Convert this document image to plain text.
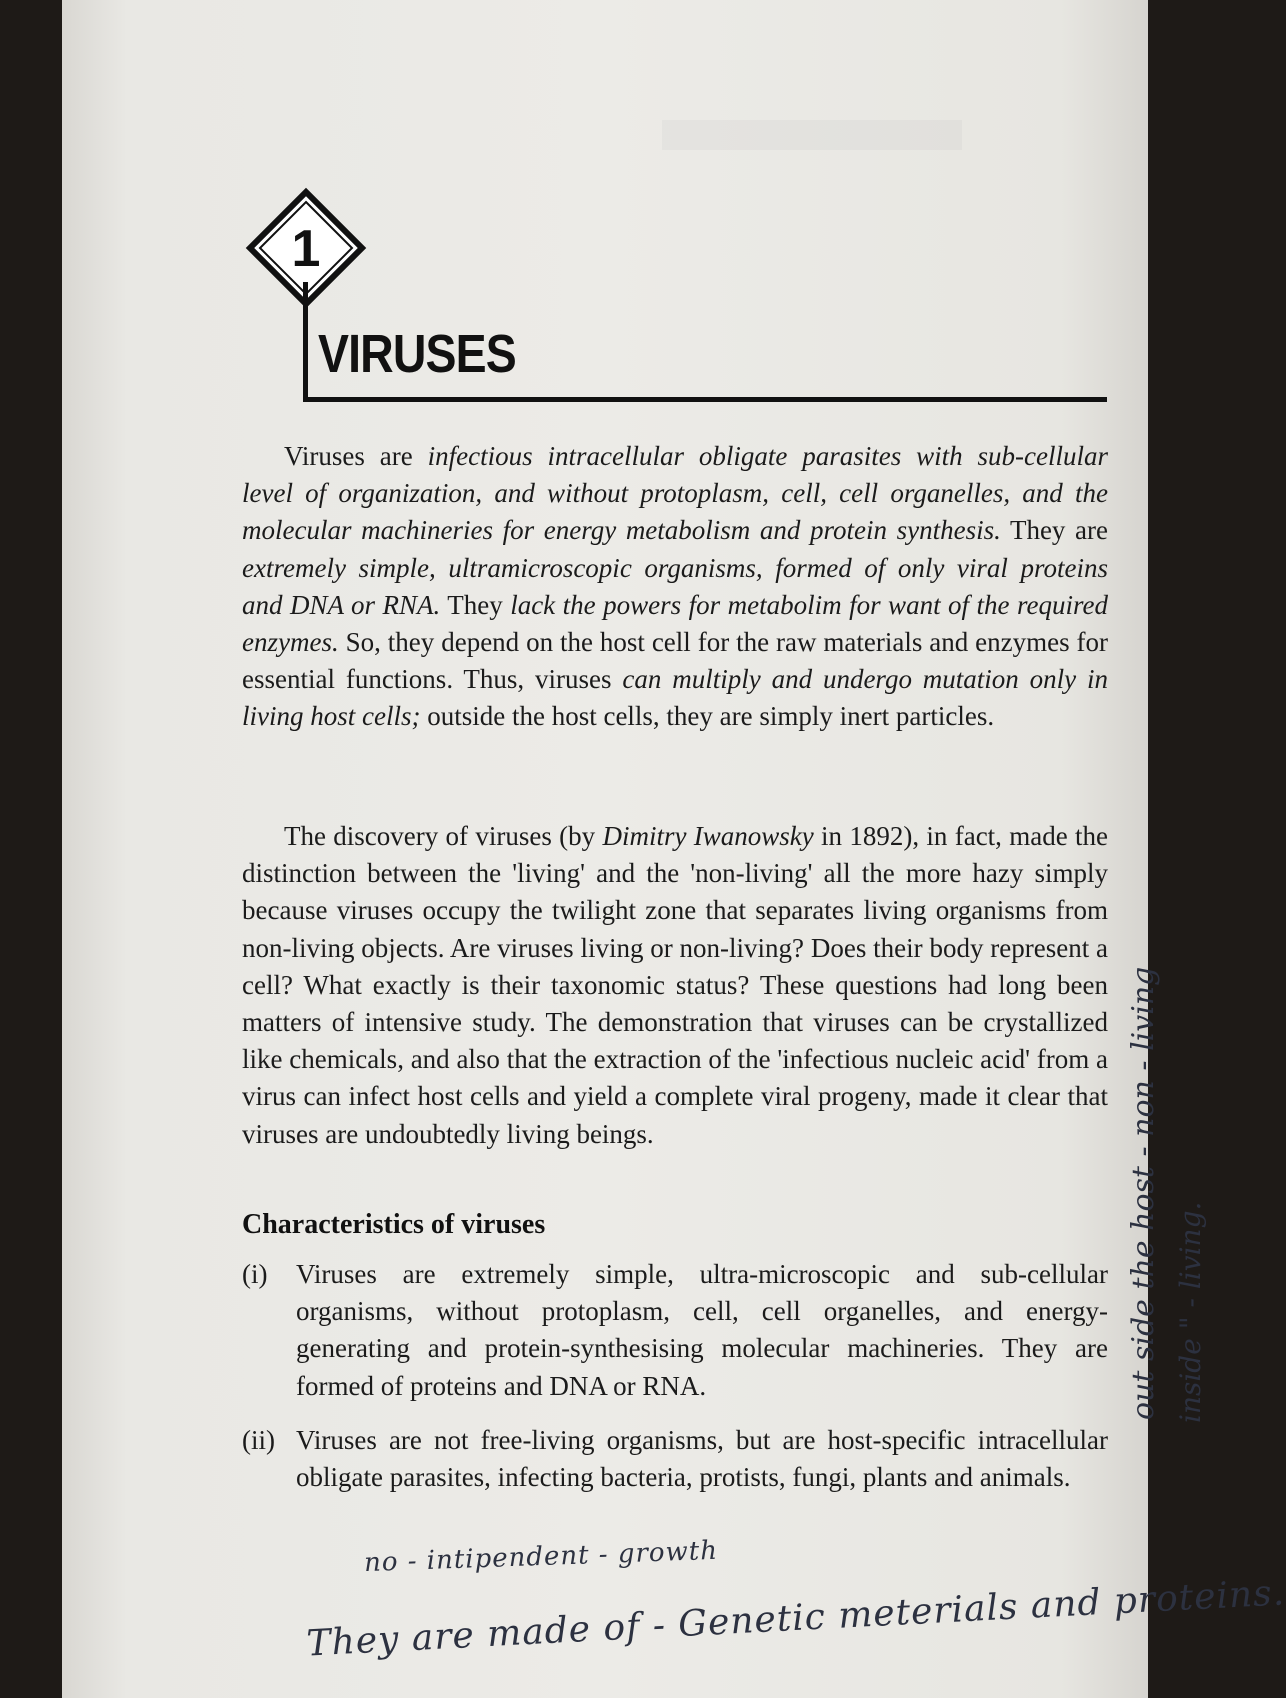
1
VIRUSES

Viruses are infectious intracellular obligate parasites with sub-cellular level of organization, and without protoplasm, cell, cell organelles, and the molecular machineries for energy metabolism and protein synthesis. They are extremely simple, ultramicroscopic organisms, formed of only viral proteins and DNA or RNA. They lack the powers for metabolim for want of the required enzymes. So, they depend on the host cell for the raw materials and enzymes for essential functions. Thus, viruses can multiply and undergo mutation only in living host cells; outside the host cells, they are simply inert particles.

The discovery of viruses (by Dimitry Iwanowsky in 1892), in fact, made the distinction between the 'living' and the 'non-living' all the more hazy simply because viruses occupy the twilight zone that separates living organisms from non-living objects. Are viruses living or non-living? Does their body represent a cell? What exactly is their taxonomic status? These questions had long been matters of intensive study. The demonstration that viruses can be crystallized like chemicals, and also that the extraction of the 'infectious nucleic acid' from a virus can infect host cells and yield a complete viral progeny, made it clear that viruses are undoubtedly living beings.

Characteristics of viruses
(i) Viruses are extremely simple, ultra-microscopic and sub-cellular organisms, without protoplasm, cell, cell organelles, and energy-generating and protein-synthesising molecular machineries. They are formed of proteins and DNA or RNA.
(ii) Viruses are not free-living organisms, but are host-specific intracellular obligate parasites, infecting bacteria, protists, fungi, plants and animals.
no - intipendent - growth
They are made of - Genetic meterials and proteins.
out side the host - non - living inside " - living.
